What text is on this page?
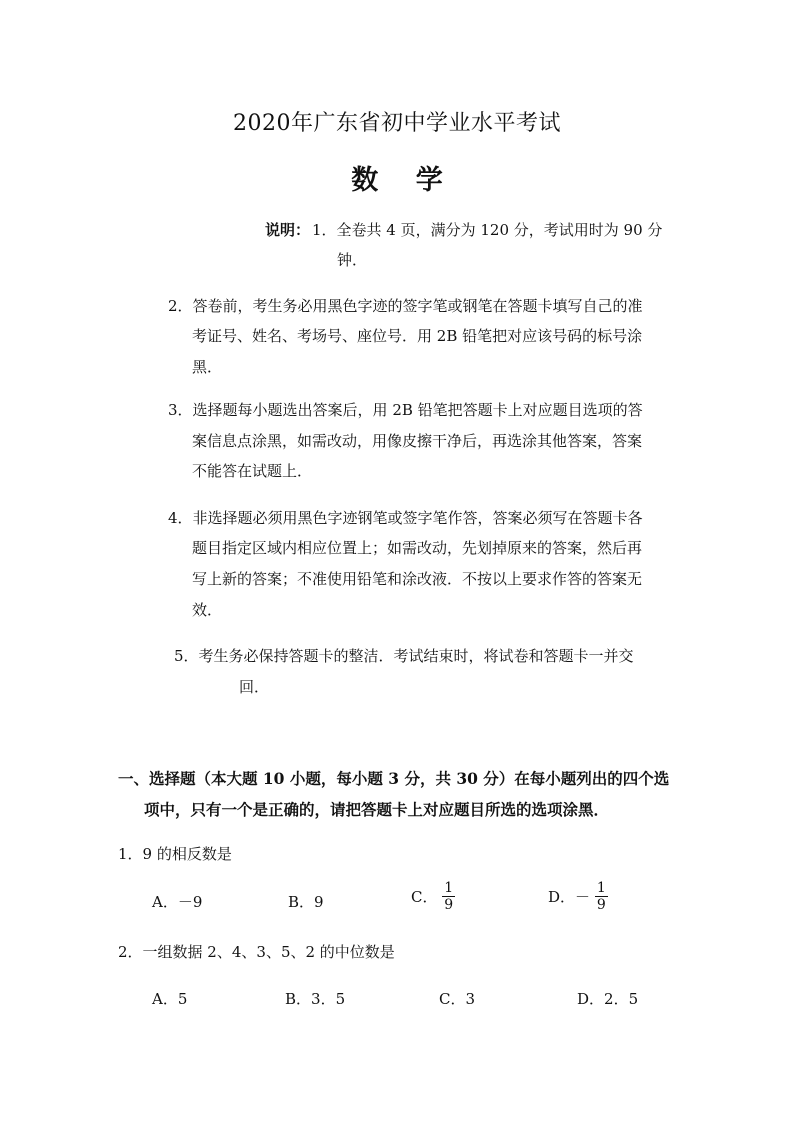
2020年广东省初中学业水平考试
数 学
说明： 1．全卷共 4 页，满分为 120 分，考试用时为 90 分
钟．
2．答卷前，考生务必用黑色字迹的签字笔或钢笔在答题卡填写自己的准
考证号、姓名、考场号、座位号．用 2B 铅笔把对应该号码的标号涂
黑．
3．选择题每小题选出答案后，用 2B 铅笔把答题卡上对应题目选项的答
案信息点涂黑，如需改动，用像皮擦干净后，再选涂其他答案，答案
不能答在试题上．
4．非选择题必须用黑色字迹钢笔或签字笔作答，答案必须写在答题卡各
题目指定区域内相应位置上；如需改动，先划掉原来的答案，然后再
写上新的答案；不准使用铅笔和涂改液．不按以上要求作答的答案无
效．
5．考生务必保持答题卡的整洁．考试结束时，将试卷和答题卡一并交
回．
一、选择题（本大题 10 小题，每小题 3 分，共 30 分）在每小题列出的四个选
项中，只有一个是正确的，请把答题卡上对应题目所选的选项涂黑．
1．9 的相反数是
A．－9	B．9	C． $\frac{1}{9}$	D．－ $\frac{1}{9}$
2．一组数据 2、4、3、5、2 的中位数是
A．5	B．3．5	C．3	D．2．5
